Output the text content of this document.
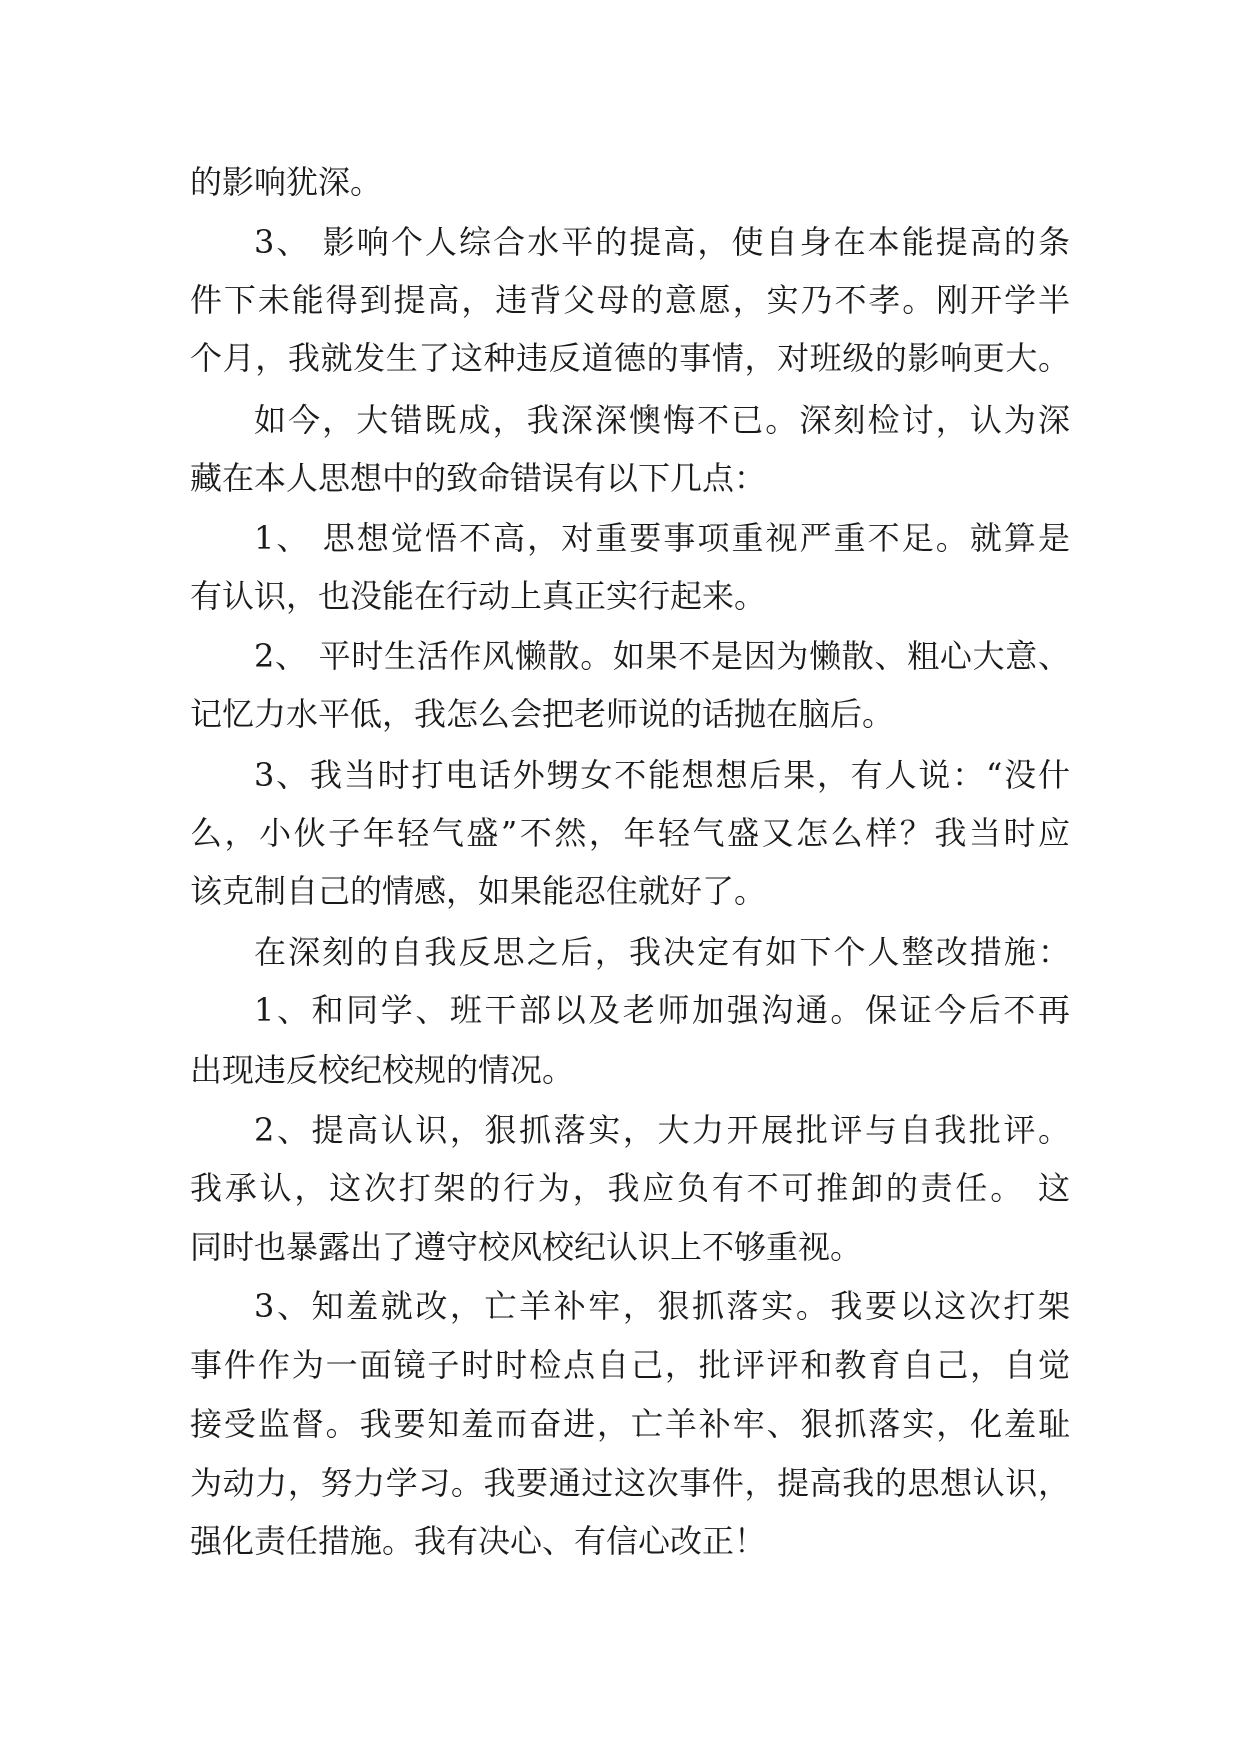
的影响犹深。

3、 影响个人综合水平的提高，使自身在本能提高的条

件下未能得到提高，违背父母的意愿，实乃不孝。刚开学半

个月，我就发生了这种违反道德的事情，对班级的影响更大。

如今，大错既成，我深深懊悔不已。深刻检讨，认为深

藏在本人思想中的致命错误有以下几点：

1、 思想觉悟不高，对重要事项重视严重不足。就算是

有认识，也没能在行动上真正实行起来。

2、 平时生活作风懒散。如果不是因为懒散、粗心大意、

记忆力水平低，我怎么会把老师说的话抛在脑后。

3、我当时打电话外甥女不能想想后果，有人说：“没什

么，小伙子年轻气盛”不然，年轻气盛又怎么样？我当时应

该克制自己的情感，如果能忍住就好了。

在深刻的自我反思之后，我决定有如下个人整改措施：

1、和同学、班干部以及老师加强沟通。保证今后不再

出现违反校纪校规的情况。

2、提高认识，狠抓落实，大力开展批评与自我批评。

我承认，这次打架的行为，我应负有不可推卸的责任。 这

同时也暴露出了遵守校风校纪认识上不够重视。

3、知羞就改，亡羊补牢，狠抓落实。我要以这次打架

事件作为一面镜子时时检点自己，批评评和教育自己，自觉

接受监督。我要知羞而奋进，亡羊补牢、狠抓落实，化羞耻

为动力，努力学习。我要通过这次事件，提高我的思想认识，

强化责任措施。我有决心、有信心改正！
